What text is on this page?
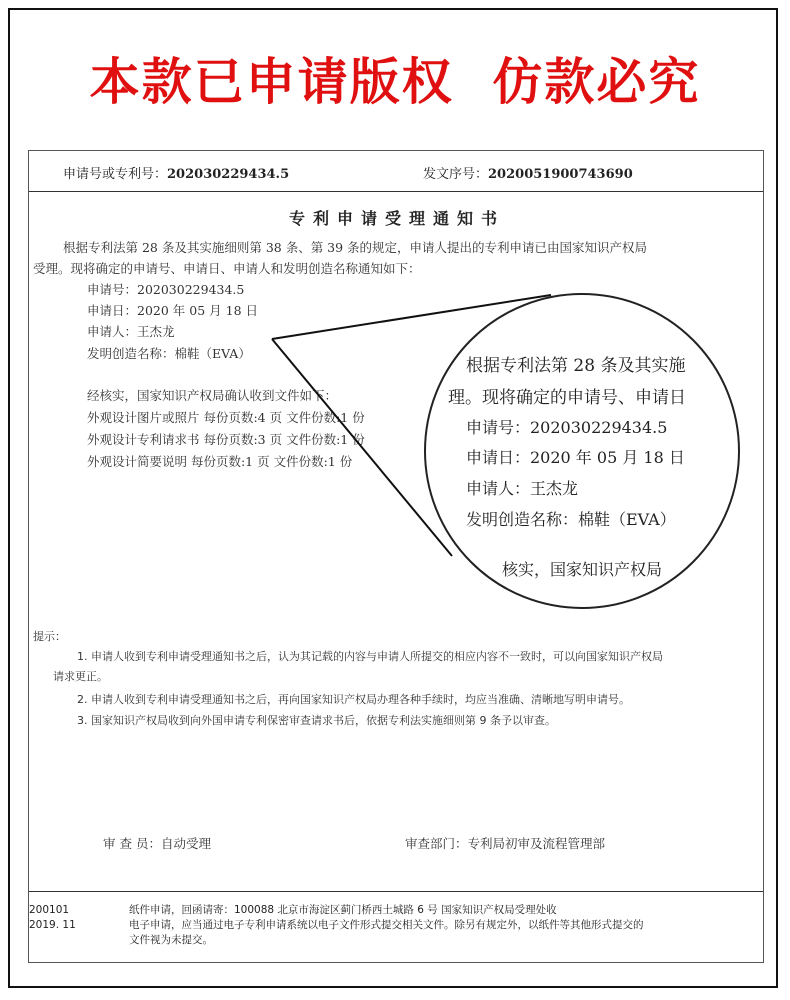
本款已申请版权  仿款必究
申请号或专利号：202030229434.5	发文序号：2020051900743690
专利申请受理通知书
根据专利法第 28 条及其实施细则第 38 条、第 39 条的规定，申请人提出的专利申请已由国家知识产权局
受理。现将确定的申请号、申请日、申请人和发明创造名称通知如下：
申请号：202030229434.5
申请日：2020 年 05 月 18 日
申请人：王杰龙
发明创造名称：棉鞋（EVA）
经核实，国家知识产权局确认收到文件如下：
外观设计图片或照片 每份页数:4 页 文件份数:1 份
外观设计专利请求书 每份页数:3 页 文件份数:1 份
外观设计简要说明 每份页数:1 页 文件份数:1 份
提示：
1. 申请人收到专利申请受理通知书之后，认为其记载的内容与申请人所提交的相应内容不一致时，可以向国家知识产权局
请求更正。
2. 申请人收到专利申请受理通知书之后，再向国家知识产权局办理各种手续时，均应当准确、清晰地写明申请号。
3. 国家知识产权局收到向外国申请专利保密审查请求书后，依据专利法实施细则第 9 条予以审查。
审 查 员：自动受理	审查部门：专利局初审及流程管理部
200101
2019. 11
纸件申请，回函请寄：100088 北京市海淀区蓟门桥西土城路 6 号 国家知识产权局受理处收
电子申请，应当通过电子专利申请系统以电子文件形式提交相关文件。除另有规定外，以纸件等其他形式提交的
文件视为未提交。
根据专利法第 28 条及其实施
理。现将确定的申请号、申请日
申请号：202030229434.5
申请日：2020 年 05 月 18 日
申请人：王杰龙
发明创造名称：棉鞋（EVA）
核实，国家知识产权局
